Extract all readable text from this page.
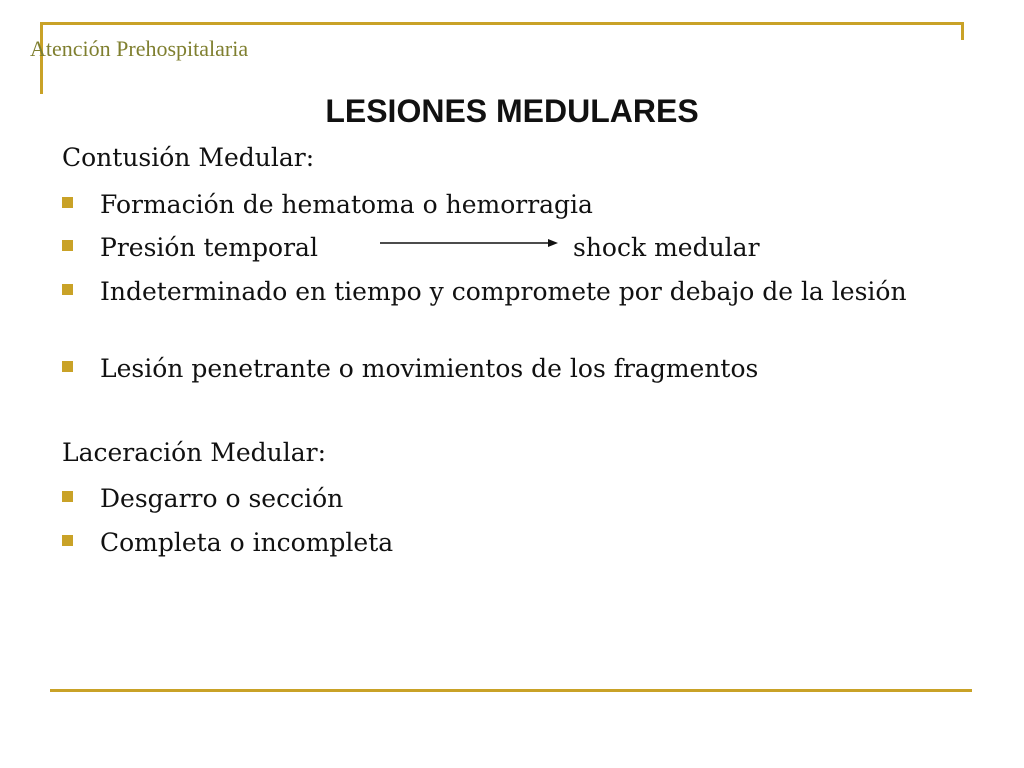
Atención Prehospitalaria
LESIONES MEDULARES
Contusión Medular:
Formación de hematoma o hemorragia
Presión temporal	shock medular
Indeterminado en tiempo y compromete por debajo de la lesión
Lesión penetrante o movimientos de los fragmentos
Laceración Medular:
Desgarro o sección
Completa o incompleta
